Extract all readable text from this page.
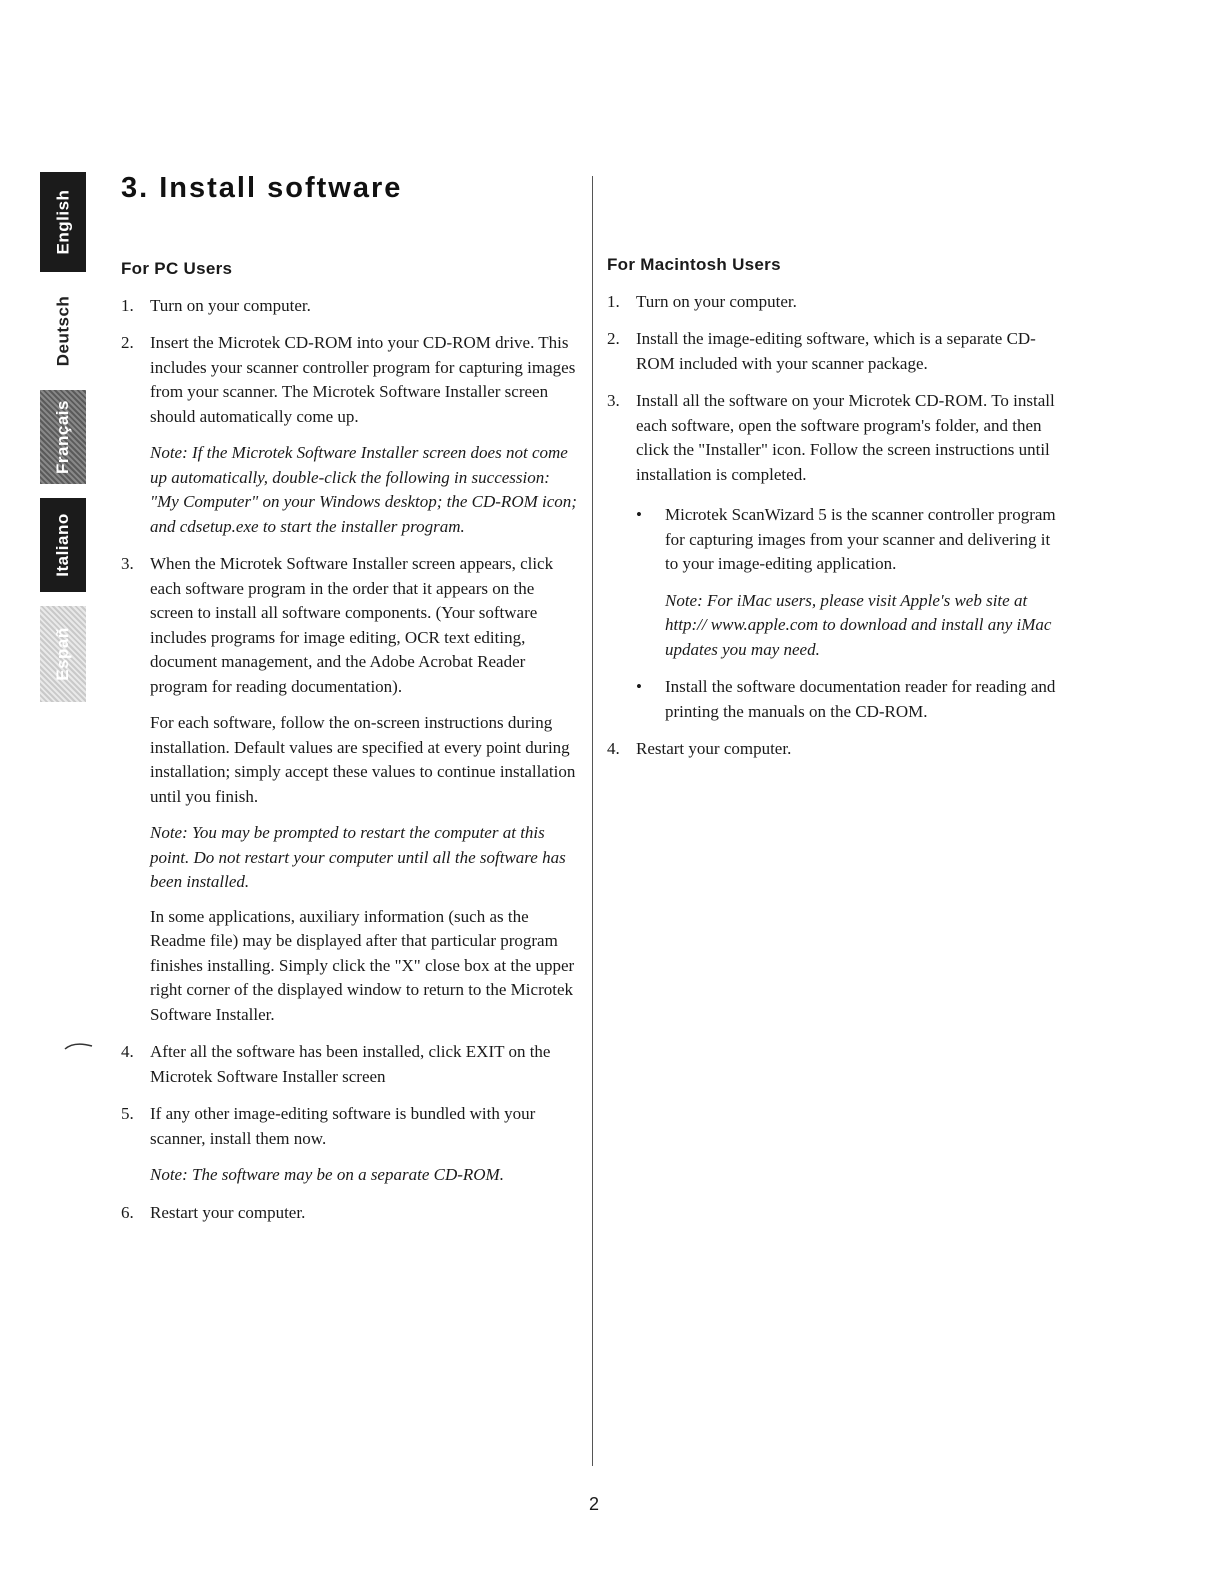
English
Deutsch
Français
Italiano
Españ
3. Install software
For PC Users
1. Turn on your computer.

2. Insert the Microtek CD-ROM into your CD-ROM drive. This includes your scanner controller program for capturing images from your scanner. The Microtek Software Installer screen should automatically come up.

Note: If the Microtek Software Installer screen does not come up automatically, double-click the following in succession: "My Computer" on your Windows desktop; the CD-ROM icon; and cdsetup.exe to start the installer program.

3. When the Microtek Software Installer screen appears, click each software program in the order that it appears on the screen to install all software components. (Your software includes programs for image editing, OCR text editing, document management, and the Adobe Acrobat Reader program for reading documentation).

For each software, follow the on-screen instructions during installation. Default values are specified at every point during installation; simply accept these values to continue installation until you finish.

Note: You may be prompted to restart the computer at this point. Do not restart your computer until all the software has been installed.

In some applications, auxiliary information (such as the Readme file) may be displayed after that particular program finishes installing. Simply click the "X" close box at the upper right corner of the displayed window to return to the Microtek Software Installer.

4. After all the software has been installed, click EXIT on the Microtek Software Installer screen

5. If any other image-editing software is bundled with your scanner, install them now.

Note: The software may be on a separate CD-ROM.

6. Restart your computer.

For Macintosh Users
1. Turn on your computer.

2. Install the image-editing software, which is a separate CD-ROM included with your scanner package.

3. Install all the software on your Microtek CD-ROM. To install each software, open the software program's folder, and then click the "Installer" icon. Follow the screen instructions until installation is completed.

• Microtek ScanWizard 5 is the scanner controller program for capturing images from your scanner and delivering it to your image-editing application.

Note: For iMac users, please visit Apple's web site at http:// www.apple.com to download and install any iMac updates you may need.

• Install the software documentation reader for reading and printing the manuals on the CD-ROM.

4. Restart your computer.

2
